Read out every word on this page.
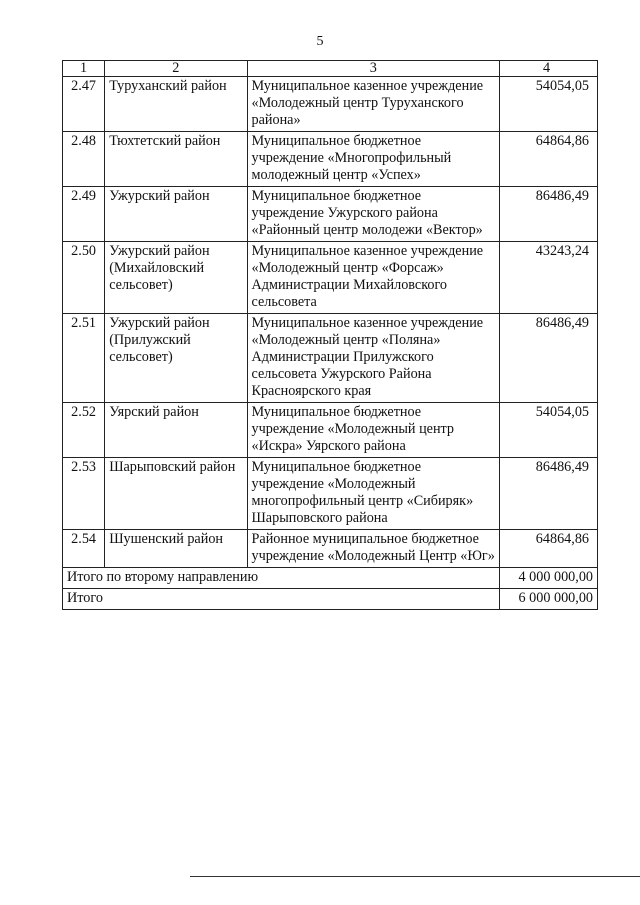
5
1	2	3	4
2.47	Туруханский район	Муниципальное казенное учреждение «Молодежный центр Туруханского района»	54054,05
2.48	Тюхтетский район	Муниципальное бюджетное учреждение «Многопрофильный молодежный центр «Успех»	64864,86
2.49	Ужурский район	Муниципальное бюджетное учреждение Ужурского района «Районный центр молодежи «Вектор»	86486,49
2.50	Ужурский район (Михайловский сельсовет)	Муниципальное казенное учреждение «Молодежный центр «Форсаж» Администрации Михайловского сельсовета	43243,24
2.51	Ужурский район (Прилужский сельсовет)	Муниципальное казенное учреждение «Молодежный центр «Поляна» Администрации Прилужского сельсовета Ужурского Района Красноярского края	86486,49
2.52	Уярский район	Муниципальное бюджетное учреждение «Молодежный центр «Искра» Уярского района	54054,05
2.53	Шарыповский район	Муниципальное бюджетное учреждение «Молодежный многопрофильный центр «Сибиряк» Шарыповского района	86486,49
2.54	Шушенский район	Районное муниципальное бюджетное учреждение «Молодежный Центр «Юг»	64864,86
Итого по второму направлению			4 000 000,00
Итого			6 000 000,00
